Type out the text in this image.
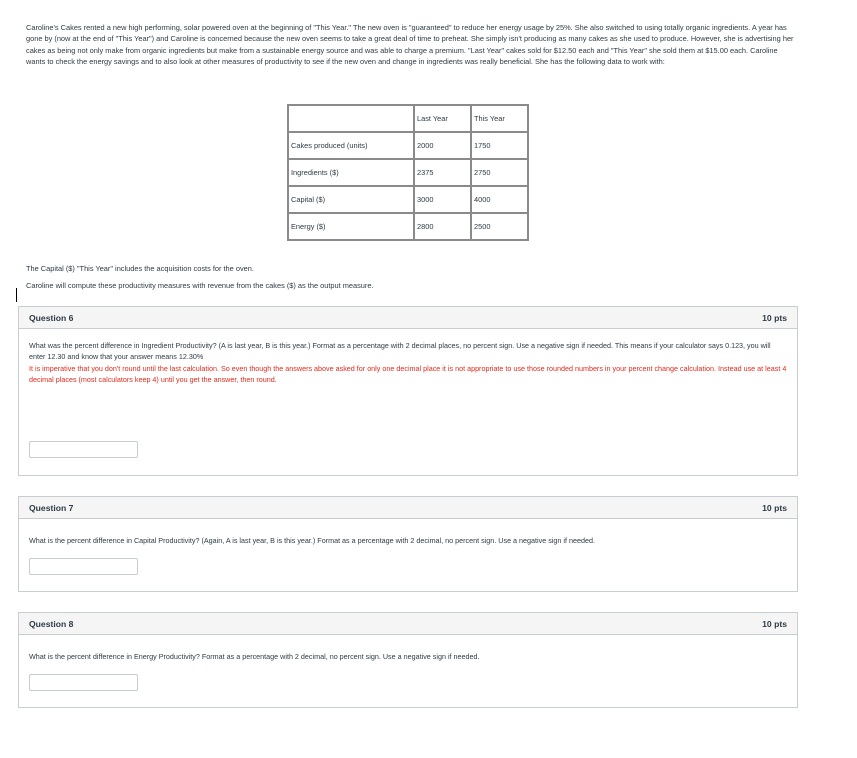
Caroline's Cakes rented a new high performing, solar powered oven at the beginning of "This Year." The new oven is "guaranteed" to reduce her energy usage by 25%. She also switched to using totally organic ingredients. A year has gone by (now at the end of "This Year") and Caroline is concerned because the new oven seems to take a great deal of time to preheat. She simply isn't producing as many cakes as she used to produce. However, she is advertising her cakes as being not only make from organic ingredients but make from a sustainable energy source and was able to charge a premium. "Last Year" cakes sold for $12.50 each and "This Year" she sold them at $15.00 each. Caroline wants to check the energy savings and to also look at other measures of productivity to see if the new oven and change in ingredients was really beneficial. She has the following data to work with:

	Last Year	This Year
Cakes produced (units)	2000	1750
Ingredients ($)	2375	2750
Capital ($)	3000	4000
Energy ($)	2800	2500

The Capital ($) "This Year" includes the acquisition costs for the oven.

Caroline will compute these productivity measures with revenue from the cakes ($) as the output measure.

Question 6	10 pts

What was the percent difference in Ingredient Productivity? (A is last year, B is this year.) Format as a percentage with 2 decimal places, no percent sign. Use a negative sign if needed. This means if your calculator says 0.123, you will enter 12.30 and know that your answer means 12.30%

It is imperative that you don't round until the last calculation. So even though the answers above asked for only one decimal place it is not appropriate to use those rounded numbers in your percent change calculation. Instead use at least 4 decimal places (most calculators keep 4) until you get the answer, then round.

Question 7	10 pts

What is the percent difference in Capital Productivity? (Again, A is last year, B is this year.) Format as a percentage with 2 decimal, no percent sign. Use a negative sign if needed.

Question 8	10 pts

What is the percent difference in Energy Productivity? Format as a percentage with 2 decimal, no percent sign. Use a negative sign if needed.
